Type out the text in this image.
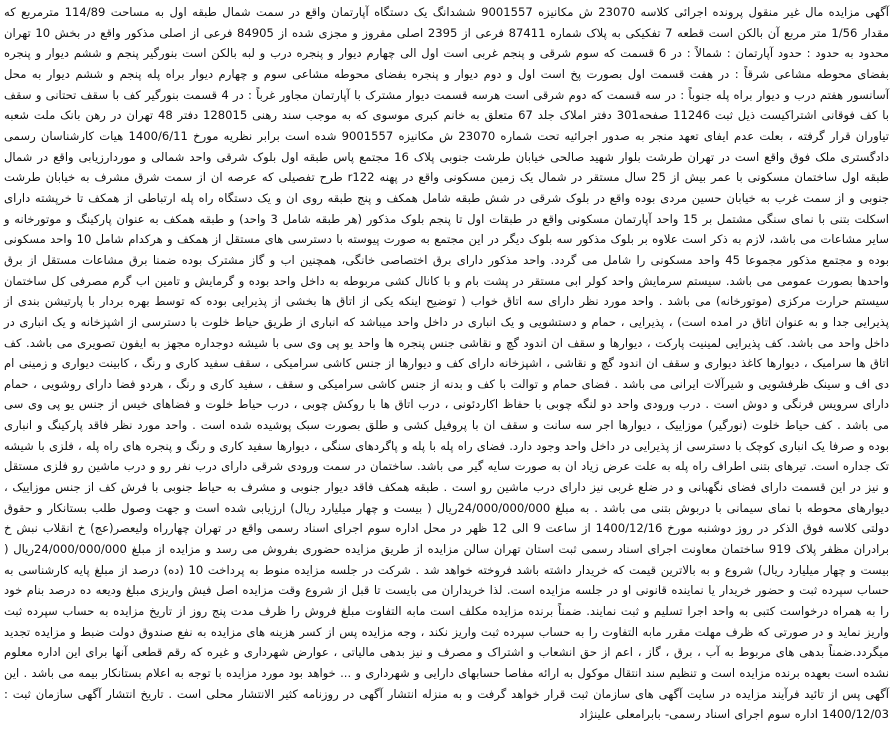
آگهی مزایده مال غیر منقول پرونده اجرائی کلاسه 23070 ش مکانیزه 9001557 ششدانگ یک دستگاه آپارتمان واقع در سمت شمال طبقه اول به مساحت 114/89 مترمربع که مقدار 1/56 متر مربع آن بالکن است قطعه 7 تفکیکی به پلاک شماره 87411 فرعی از 2395 اصلی مفروز و مجزی شده از 84905 فرعی از اصلی مذکور واقع در بخش 10 تهران محدود به حدود : حدود آپارتمان : شمالاً : در 6 قسمت که سوم شرقی و پنجم غربی است اول الی چهارم دیوار و پنجره درب و لبه بالکن است بنورگیر پنجم و ششم دیوار و پنجره بفضای محوطه مشاعی شرقاً : در هفت قسمت اول بصورت پخ است اول و دوم دیوار و پنجره بفضای محوطه مشاعی سوم و چهارم دیوار براه پله پنجم و ششم دیوار به محل آسانسور هفتم درب و دیوار براه پله جنوباً : در سه قسمت که دوم شرقی است هرسه قسمت دیوار مشترک با آپارتمان مجاور غرباً : در 4 قسمت بنورگیر کف با سقف تحتانی و سقف با کف فوقانی اشتراکیست ذیل ثبت 11246 صفحه301 دفتر املاک جلد 67 متعلق به خانم کبری موسوی که به موجب سند رهنی 128015 دفتر 48 تهران در رهن بانک ملت شعبه تیاوران قرار گرفته ، بعلت عدم ایفای تعهد منجر به صدور اجرائیه تحت شماره 23070 ش مکانیزه 9001557 شده است برابر نظریه مورخ 1400/6/11 هیات کارشناسان رسمی دادگستری ملک فوق واقع است در تهران طرشت بلوار شهید صالحی خیابان طرشت جنوبی پلاک 16 مجتمع پاس طبقه اول بلوک شرقی واحد شمالی و موردارزیابی واقع در شمال طبقه اول ساختمان مسکونی با عمر بیش از 25 سال مستقر در شمال یک زمین مسکونی واقع در پهنه r122 طرح تفصیلی که عرصه ان از سمت شرق مشرف به خیابان طرشت جنوبی و از سمت غرب به خیابان حسین مردی بوده واقع در بلوک شرقی در شش طبقه شامل همکف و پنج طبقه روی ان و یک دستگاه راه پله ارتباطی از همکف تا خرپشته دارای اسکلت بتنی با نمای سنگی مشتمل بر 15 واحد آپارتمان مسکونی واقع در طبقات اول تا پنجم بلوک مذکور (هر طبقه شامل 3 واحد) و طبقه همکف به عنوان پارکینگ و موتورخانه و سایر مشاعات می باشد، لازم به ذکر است علاوه بر بلوک مذکور سه بلوک دیگر در این مجتمع به صورت پیوسته با دسترسی های مستقل از همکف و هرکدام شامل 10 واحد مسکونی بوده و مجتمع مذکور مجموعا 45 واحد مسکونی را شامل می گردد. واحد مذکور دارای برق اختصاصی خانگی، همچنین اب و گاز مشترک بوده ضمنا برق مشاعات مستقل از برق واحدها بصورت عمومی می باشد. سیستم سرمایش واحد کولر ابی مستقر در پشت بام و با کانال کشی مربوطه به داخل واحد بوده و گرمایش و تامین اب گرم مصرفی کل ساختمان سیستم حرارت مرکزی (موتورخانه) می باشد . واحد مورد نظر دارای سه اتاق خواب ( توضیح اینکه یکی از اتاق ها بخشی از پذیرایی بوده که توسط بهره بردار با پارتیشن بندی از پذیرایی جدا و به عنوان اتاق در امده است) ، پذیرایی ، حمام و دستشویی و یک انباری در داخل واحد میباشد که انباری از طریق حیاط خلوت با دسترسی از اشپزخانه و یک انباری در داخل واحد می باشد. کف پذیرایی لمینیت پارکت ، دیوارها و سقف ان اندود گچ و نقاشی جنس پنجره ها واحد یو پی وی سی با شیشه دوجداره مجهز به ایفون تصویری می باشد. کف اتاق ها سرامیک ، دیوارها کاغذ دیواری و سقف ان اندود گچ و نقاشی ، اشپزخانه دارای کف و دیوارها از جنس کاشی سرامیکی ، سقف سفید کاری و رنگ ، کابینت دیواری و زمینی ام دی اف و سینک ظرفشویی و شیرآلات ایرانی می باشد . فضای حمام و توالت با کف و بدنه از جنس کاشی سرامیکی و سقف ، سفید کاری و رنگ ، هردو فضا دارای روشویی ، حمام دارای سرویس فرنگی و دوش است . درب ورودی واحد دو لنگه چوبی با حفاظ اکاردئونی ، درب اتاق ها با روکش چوبی ، درب حیاط خلوت و فضاهای خیس از جنس یو پی وی سی می باشد . کف حیاط خلوت (نورگیر) موزاییک ، دیوارها اجر سه سانت و سقف ان با پروفیل کشی و طلق بصورت سبک پوشیده شده است . واحد مورد نظر فاقد پارکینگ و انباری بوده و صرفا یک انباری کوچک با دسترسی از پذیرایی در داخل واحد وجود دارد. فضای راه پله با پله و پاگردهای سنگی ، دیوارها سفید کاری و رنگ و پنجره های راه پله ، فلزی با شیشه تک جداره است. تیرهای بتنی اطراف راه پله به علت عرض زیاد ان به صورت سایه گیر می باشد. ساختمان در سمت ورودی شرقی دارای درب نفر رو و درب ماشین رو فلزی مستقل و نیز در این قسمت دارای فضای نگهبانی و در ضلع غربی نیز دارای درب ماشین رو است . طبقه همکف فاقد دیوار جنوبی و مشرف به حیاط جنوبی با فرش کف از جنس موزاییک ، دیوارهای محوطه با نمای سیمانی با دربوش بتنی می باشد . به مبلغ 24/000/000/000ریال ( بیست و چهار میلیارد ریال) ارزیابی شده است و جهت وصول طلب بستانکار و حقوق دولتی کلاسه فوق الذکر در روز دوشنبه مورخ 1400/12/16 از ساعت 9 الی 12 ظهر در محل اداره سوم اجرای اسناد رسمی واقع در تهران چهارراه ولیعصر(عج) خ انقلاب نبش خ برادران مظفر پلاک 919 ساختمان معاونت اجرای اسناد رسمی ثبت استان تهران سالن مزایده از طریق مزایده حضوری بفروش می رسد و مزایده از مبلغ 24/000/000/000ریال ( بیست و چهار میلیارد ریال) شروع و به بالاترین قیمت که خریدار داشته باشد فروخته خواهد شد . شرکت در جلسه مزایده منوط به پرداخت 10 (ده) درصد از مبلغ پایه کارشناسی به حساب سپرده ثبت و حضور خریدار یا نماینده قانونی او در جلسه مزایده است. لذا خریداران می بایست تا قبل از شروع وقت مزایده اصل فیش واریزی مبلغ ودیعه ده درصد بنام خود را به همراه درخواست کتبی به واحد اجرا تسلیم و ثبت نمایند. ضمناً برنده مزایده مکلف است مابه التفاوت مبلغ فروش را ظرف مدت پنج روز از تاریخ مزایده به حساب سپرده ثبت واریز نماید و در صورتی که ظرف مهلت مقرر مابه التفاوت را به حساب سپرده ثبت واریز نکند ، وجه مزایده پس از کسر هزینه های مزایده به نفع صندوق دولت ضبط و مزایده تجدید میگردد.ضمناً بدهی های مربوط به آب ، برق ، گاز ، اعم از حق انشعاب و اشتراک و مصرف و نیز بدهی مالیاتی ، عوارض شهرداری و غیره که رقم قطعی آنها برای این اداره معلوم نشده است بعهده برنده مزایده است و تنظیم سند انتقال موکول به ارائه مفاصا حسابهای دارایی و شهرداری و ... خواهد بود مورد مزایده با توجه به اعلام بستانکار بیمه می باشد . این آگهی پس از تائید فرآیند مزایده در سایت آگهی های سازمان ثبت قرار خواهد گرفت و به منزله انتشار آگهی در روزنامه کثیر الانتشار محلی است . تاریخ انتشار آگهی سازمان ثبت : 1400/12/03 اداره سوم اجرای اسناد رسمی- بابرامعلی علینژاد
